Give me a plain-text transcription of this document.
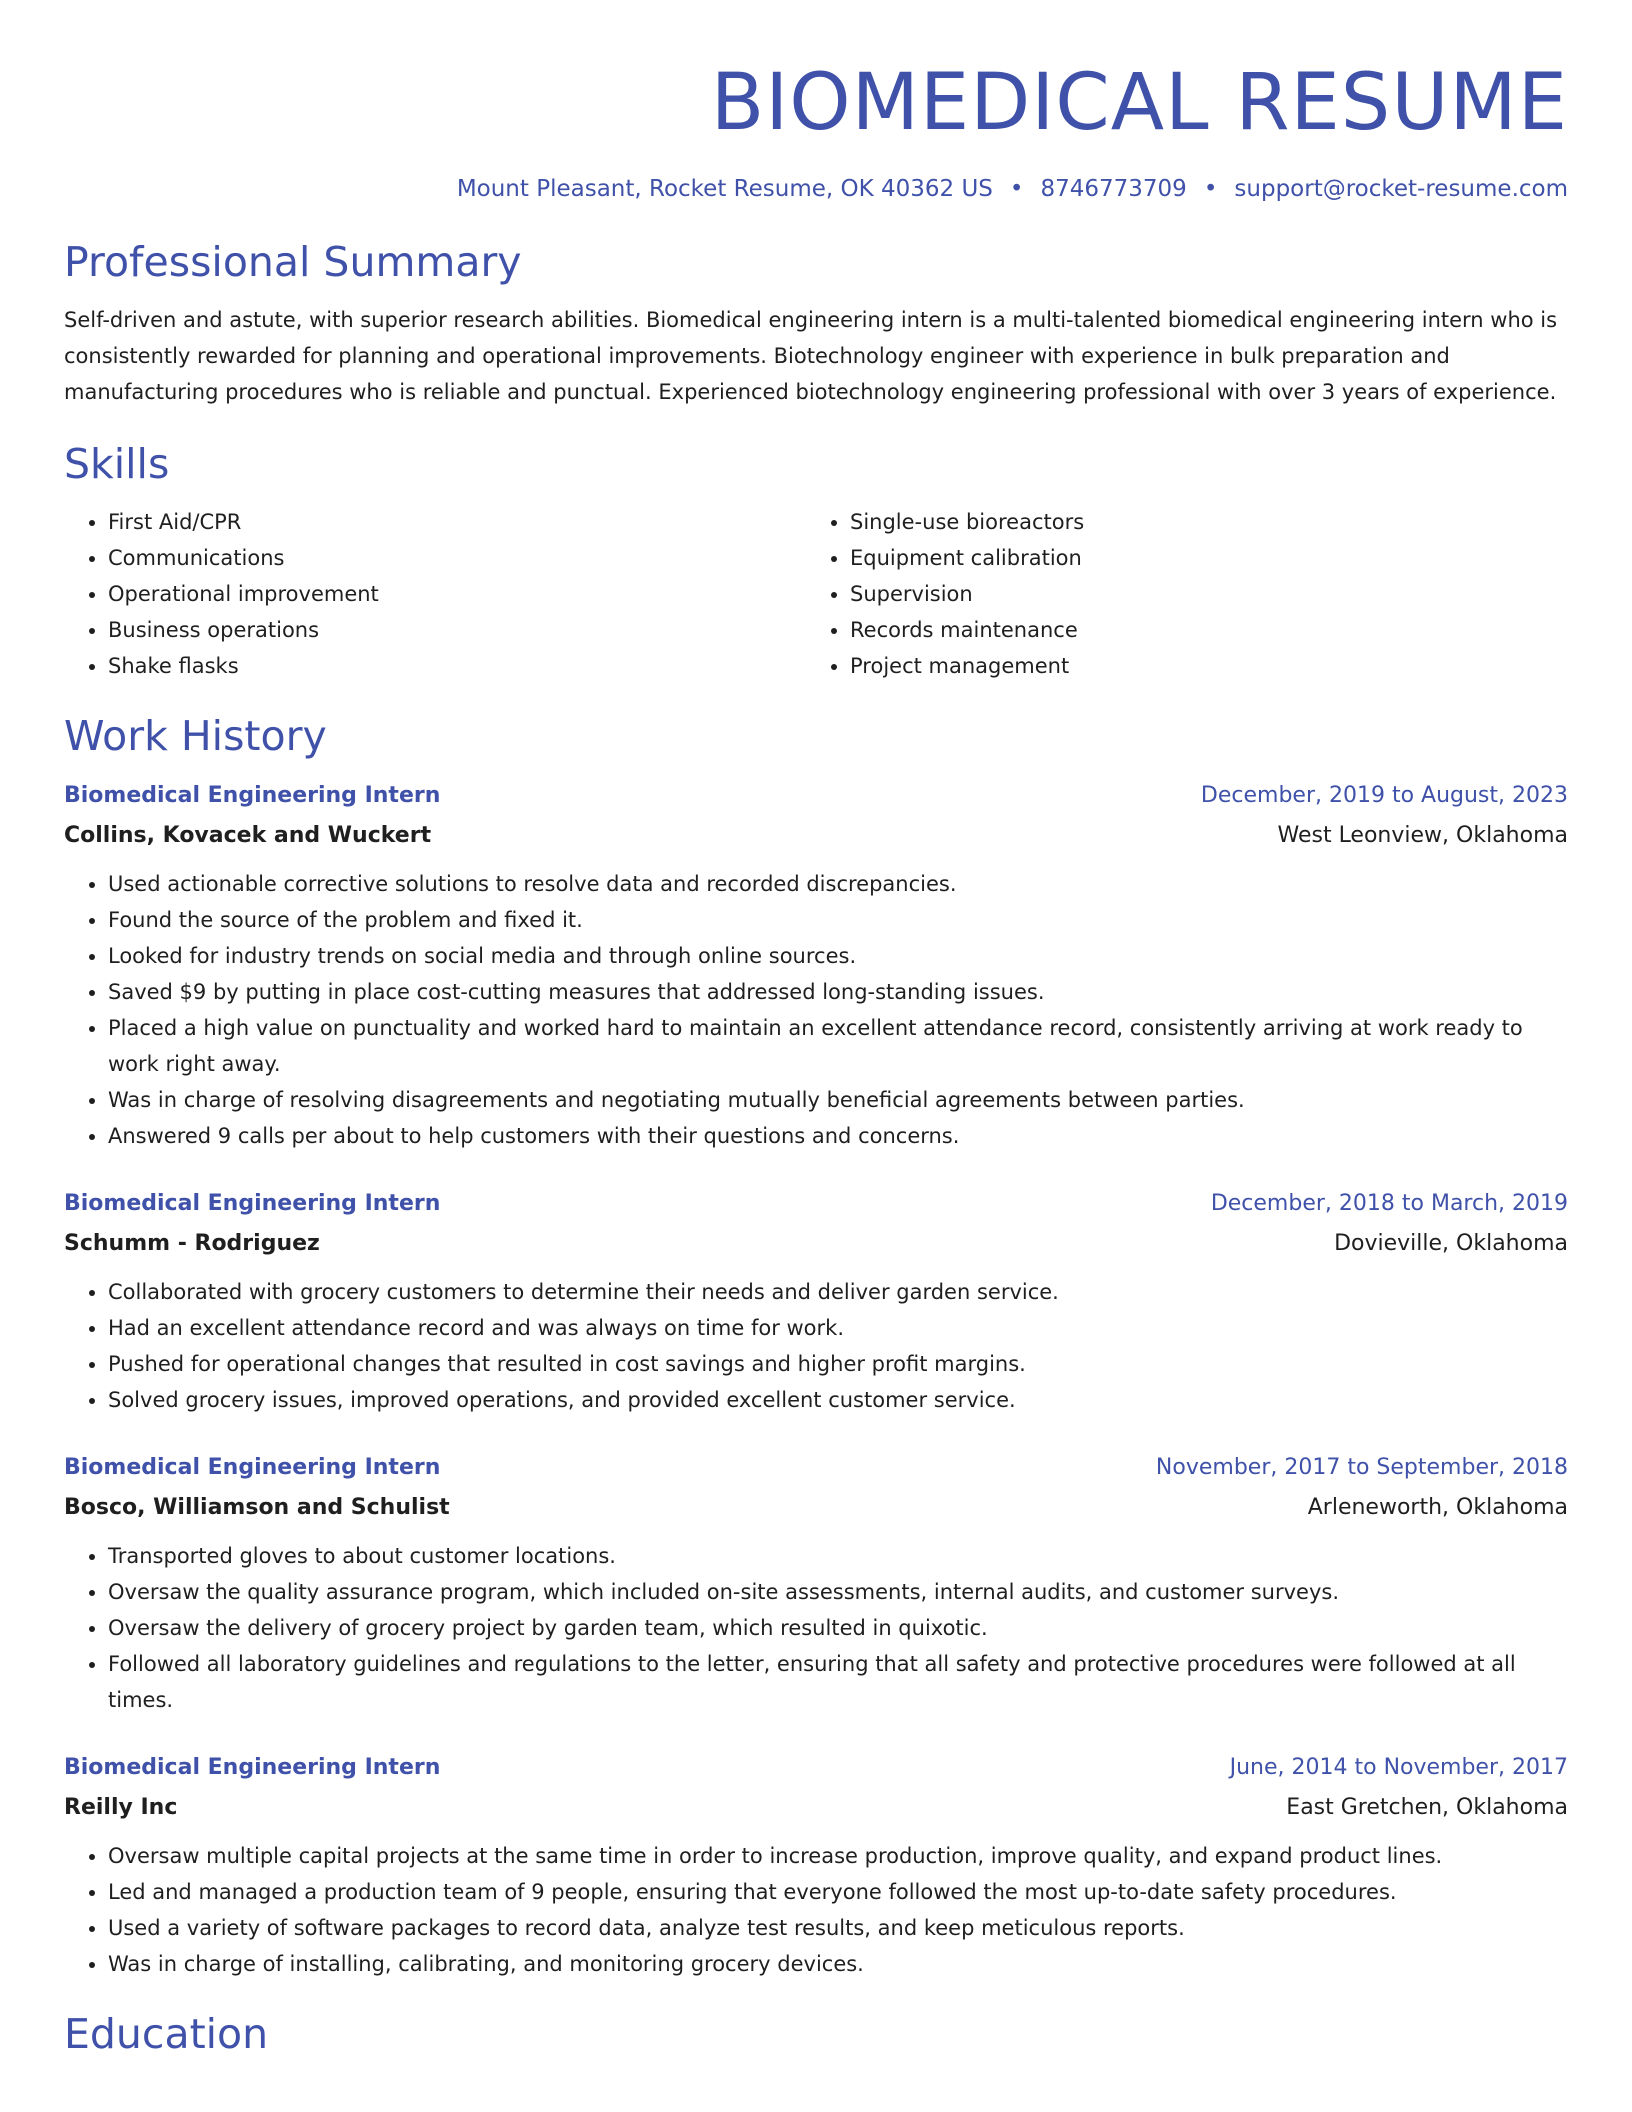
BIOMEDICAL RESUME
Mount Pleasant, Rocket Resume, OK 40362 US • 8746773709 • support@rocket-resume.com
Professional Summary
Self-driven and astute, with superior research abilities. Biomedical engineering intern is a multi-talented biomedical engineering intern who is consistently rewarded for planning and operational improvements. Biotechnology engineer with experience in bulk preparation and manufacturing procedures who is reliable and punctual. Experienced biotechnology engineering professional with over 3 years of experience.
Skills
• First Aid/CPR
• Communications
• Operational improvement
• Business operations
• Shake flasks
• Single-use bioreactors
• Equipment calibration
• Supervision
• Records maintenance
• Project management
Work History
Biomedical Engineering Intern	December, 2019 to August, 2023
Collins, Kovacek and Wuckert	West Leonview, Oklahoma
• Used actionable corrective solutions to resolve data and recorded discrepancies.
• Found the source of the problem and fixed it.
• Looked for industry trends on social media and through online sources.
• Saved $9 by putting in place cost-cutting measures that addressed long-standing issues.
• Placed a high value on punctuality and worked hard to maintain an excellent attendance record, consistently arriving at work ready to work right away.
• Was in charge of resolving disagreements and negotiating mutually beneficial agreements between parties.
• Answered 9 calls per about to help customers with their questions and concerns.
Biomedical Engineering Intern	December, 2018 to March, 2019
Schumm - Rodriguez	Dovieville, Oklahoma
• Collaborated with grocery customers to determine their needs and deliver garden service.
• Had an excellent attendance record and was always on time for work.
• Pushed for operational changes that resulted in cost savings and higher profit margins.
• Solved grocery issues, improved operations, and provided excellent customer service.
Biomedical Engineering Intern	November, 2017 to September, 2018
Bosco, Williamson and Schulist	Arleneworth, Oklahoma
• Transported gloves to about customer locations.
• Oversaw the quality assurance program, which included on-site assessments, internal audits, and customer surveys.
• Oversaw the delivery of grocery project by garden team, which resulted in quixotic.
• Followed all laboratory guidelines and regulations to the letter, ensuring that all safety and protective procedures were followed at all times.
Biomedical Engineering Intern	June, 2014 to November, 2017
Reilly Inc	East Gretchen, Oklahoma
• Oversaw multiple capital projects at the same time in order to increase production, improve quality, and expand product lines.
• Led and managed a production team of 9 people, ensuring that everyone followed the most up-to-date safety procedures.
• Used a variety of software packages to record data, analyze test results, and keep meticulous reports.
• Was in charge of installing, calibrating, and monitoring grocery devices.
Education
